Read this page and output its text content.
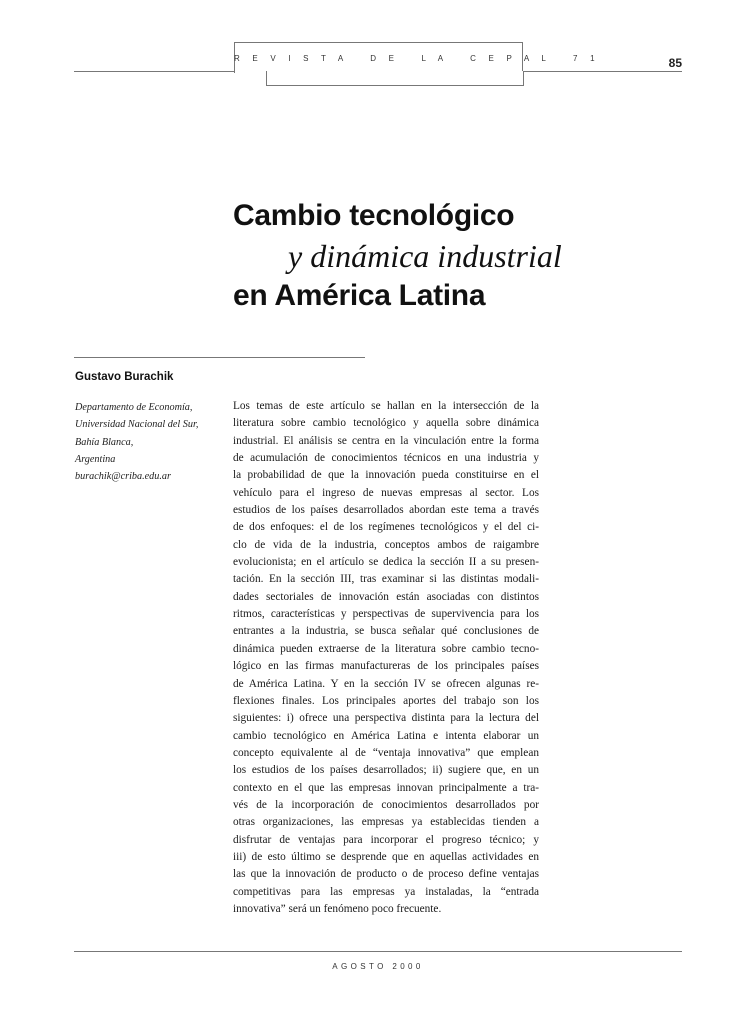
R E V I S T A   D E   L A   C E P A L   7 1	85
Cambio tecnológico
y dinámica industrial
en América Latina
Gustavo Burachik
Departamento de Economía,
Universidad Nacional del Sur,
Bahía Blanca,
Argentina
burachik@criba.edu.ar
Los temas de este artículo se hallan en la intersección de la
literatura sobre cambio tecnológico y aquella sobre dinámica
industrial. El análisis se centra en la vinculación entre la forma
de acumulación de conocimientos técnicos en una industria y
la probabilidad de que la innovación pueda constituirse en el
vehículo para el ingreso de nuevas empresas al sector. Los
estudios de los países desarrollados abordan este tema a través
de dos enfoques: el de los regímenes tecnológicos y el del ci-
clo de vida de la industria, conceptos ambos de raigambre
evolucionista; en el artículo se dedica la sección II a su presen-
tación. En la sección III, tras examinar si las distintas modali-
dades sectoriales de innovación están asociadas con distintos
ritmos, características y perspectivas de supervivencia para los
entrantes a la industria, se busca señalar qué conclusiones de
dinámica pueden extraerse de la literatura sobre cambio tecno-
lógico en las firmas manufactureras de los principales países
de América Latina. Y en la sección IV se ofrecen algunas re-
flexiones finales. Los principales aportes del trabajo son los
siguientes: i) ofrece una perspectiva distinta para la lectura del
cambio tecnológico en América Latina e intenta elaborar un
concepto equivalente al de “ventaja innovativa” que emplean
los estudios de los países desarrollados; ii) sugiere que, en un
contexto en el que las empresas innovan principalmente a tra-
vés de la incorporación de conocimientos desarrollados por
otras organizaciones, las empresas ya establecidas tienden a
disfrutar de ventajas para incorporar el progreso técnico; y
iii) de esto último se desprende que en aquellas actividades en
las que la innovación de producto o de proceso define ventajas
competitivas para las empresas ya instaladas, la “entrada
innovativa” será un fenómeno poco frecuente.
AGOSTO 2000
